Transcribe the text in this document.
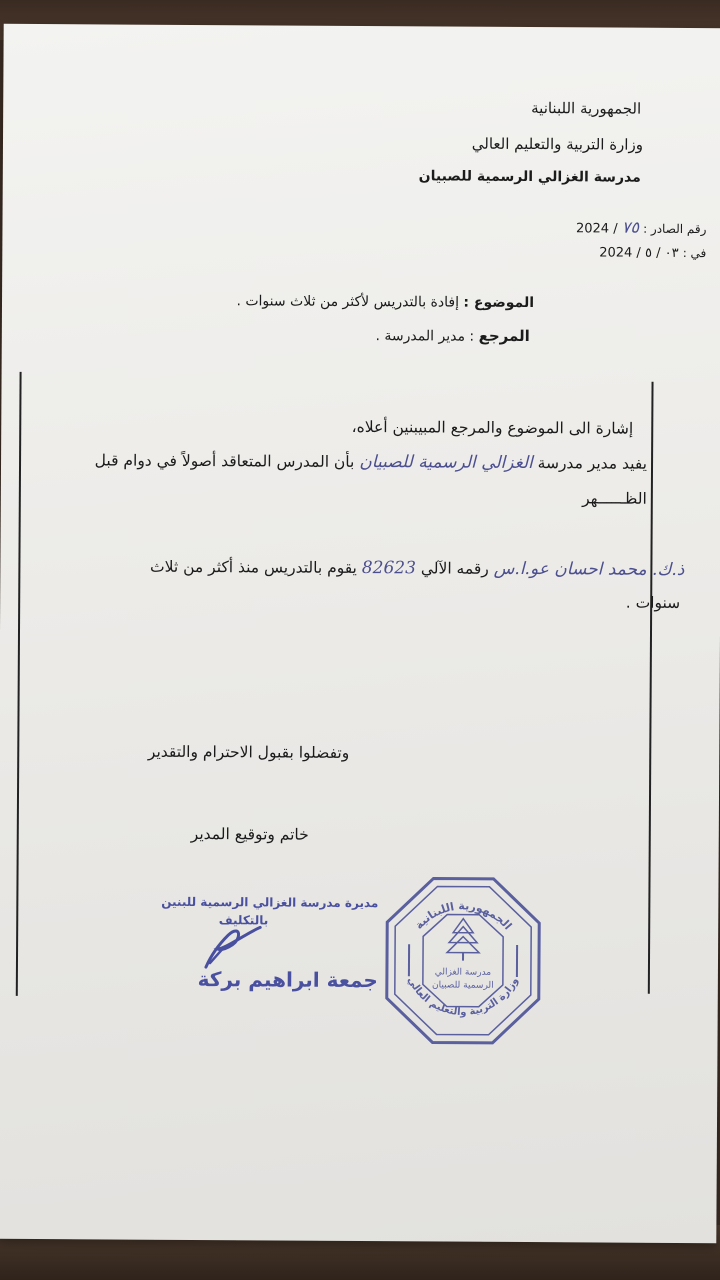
الجمهورية اللبنانية
وزارة التربية والتعليم العالي
مدرسة الغزالي الرسمية للصبيان
رقم الصادر : ٧٥ / 2024
في : ٠٣ / ٥ / 2024
الموضوع : إفادة بالتدريس لأكثر من ثلاث سنوات .
المرجع : مدير المدرسة .
إشارة الى الموضوع والمرجع المبيبنين أعلاه،
يفيد مدير مدرسة الغزالي الرسمية للصبيان بأن المدرس المتعاقد أصولاً في دوام قبل
الظــــــهر
ذ.ك. محمد احسان عو.ا.س رقمه الآلي 82623 يقوم بالتدريس منذ أكثر من ثلاث
سنوات .
وتفضلوا بقبول الاحترام والتقدير
خاتم وتوقيع المدير
مديرة مدرسة الغزالي الرسمية للبنين
بالتكليف
جمعة ابراهيم بركة
الجمهورية اللبنانية
وزارة التربية والتعليم العالي
مدرسة الغزالي
الرسمية للصبيان
